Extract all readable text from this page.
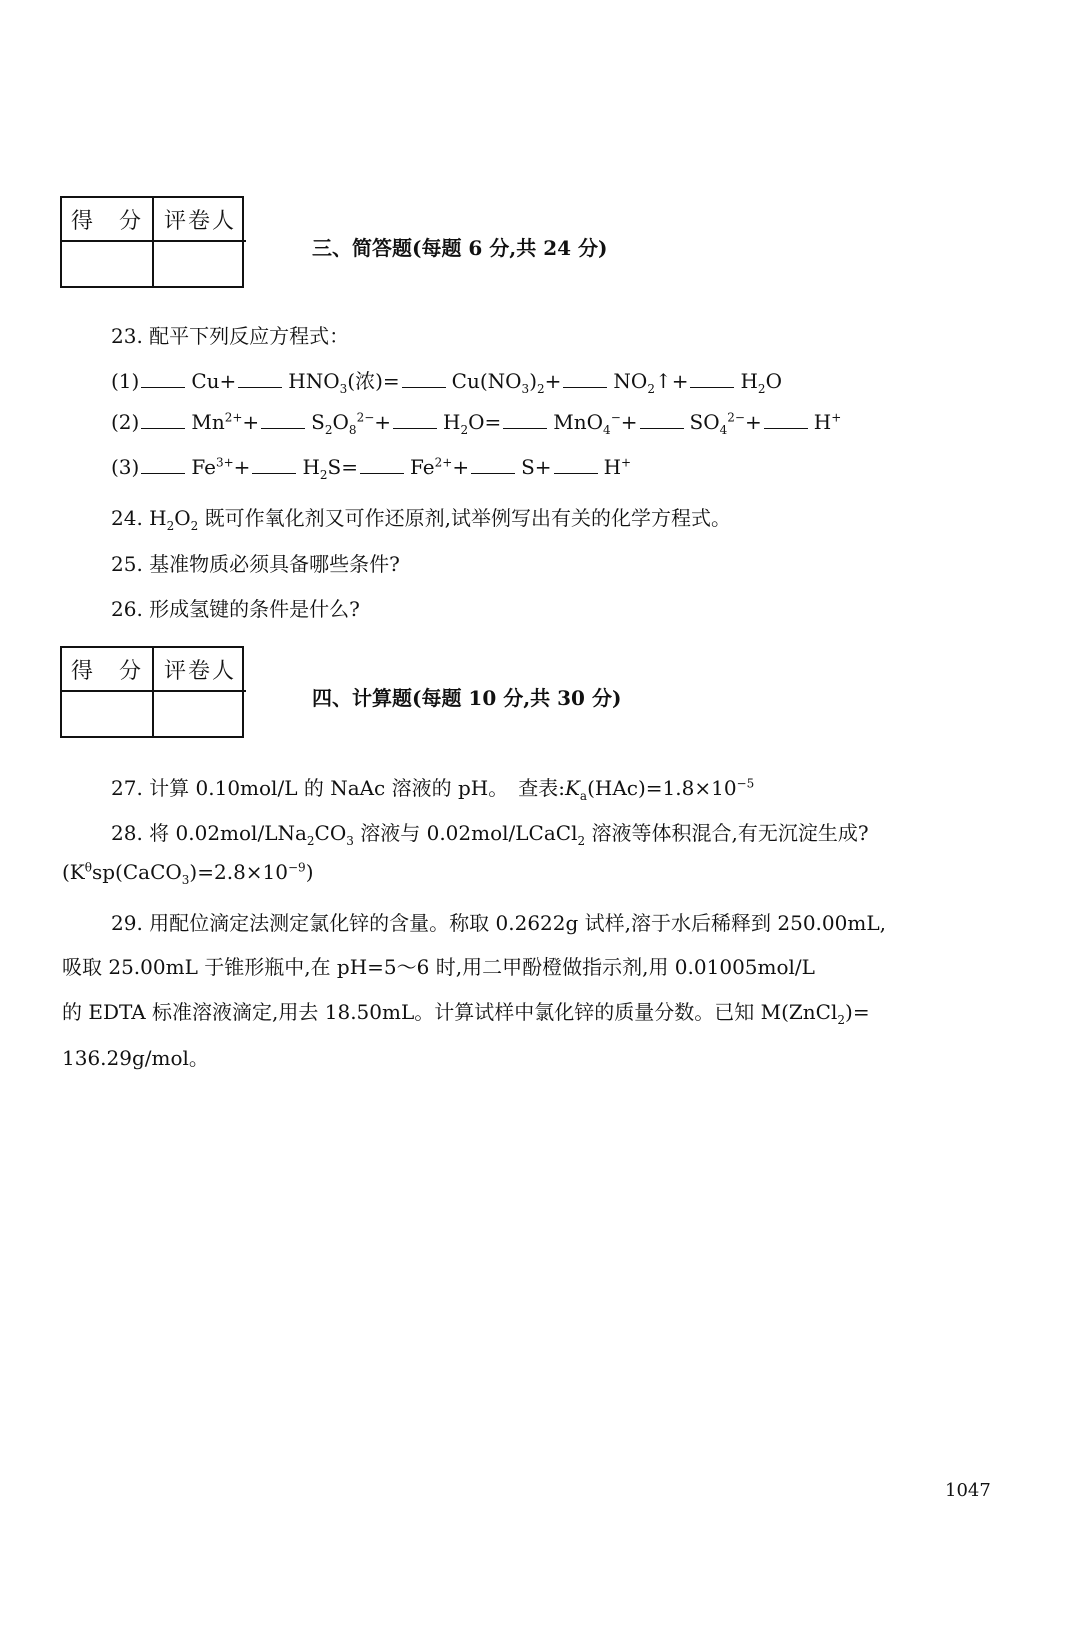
得　分 评卷人
三、简答题(每题 6 分,共 24 分)
23. 配平下列反应方程式：
(1)	Cu+	$HNO_3$(浓)=	$Cu(NO_3)_2+$	$NO_2↑+$	$H_2O$
(2)	$Mn^{2+}+$	$S_2O_8^{2-}+$	$H_2O=$	MnO$_4$−+	$SO_4^{2-}+$	H+
(3)	$Fe^{3+}+$	$H_2S=$	$Fe^{2+}+$	S+	H+
24. $H_2O_2$ 既可作氧化剂又可作还原剂,试举例写出有关的化学方程式。
25. 基准物质必须具备哪些条件?
26. 形成氢键的条件是什么?
得　分 评卷人
四、计算题(每题 10 分,共 30 分)
27. 计算 0.10mol/L 的 NaAc 溶液的 pH。　查表$:K_a(HAc)=1.8\times 10^{-5}$
28. 将 $0.02mol/LNa_2CO_3$ 溶液与 0.02mol/LCaCl$_2$ 溶液等体积混合,有无沉淀生成?
$(K^\theta sp(CaCO_3)=2.8\times 10^{-9})$
29. 用配位滴定法测定氯化锌的含量。称取 0.2622g 试样,溶于水后稀释到 250.00mL,
吸取 25.00mL 于锥形瓶中,在 pH=5～6 时,用二甲酚橙做指示剂,用 0.01005mol/L
的 EDTA 标准溶液滴定,用去 18.50mL。计算试样中氯化锌的质量分数。已知 M(ZnCl$_2$)=
136.29g/mol。
1047
